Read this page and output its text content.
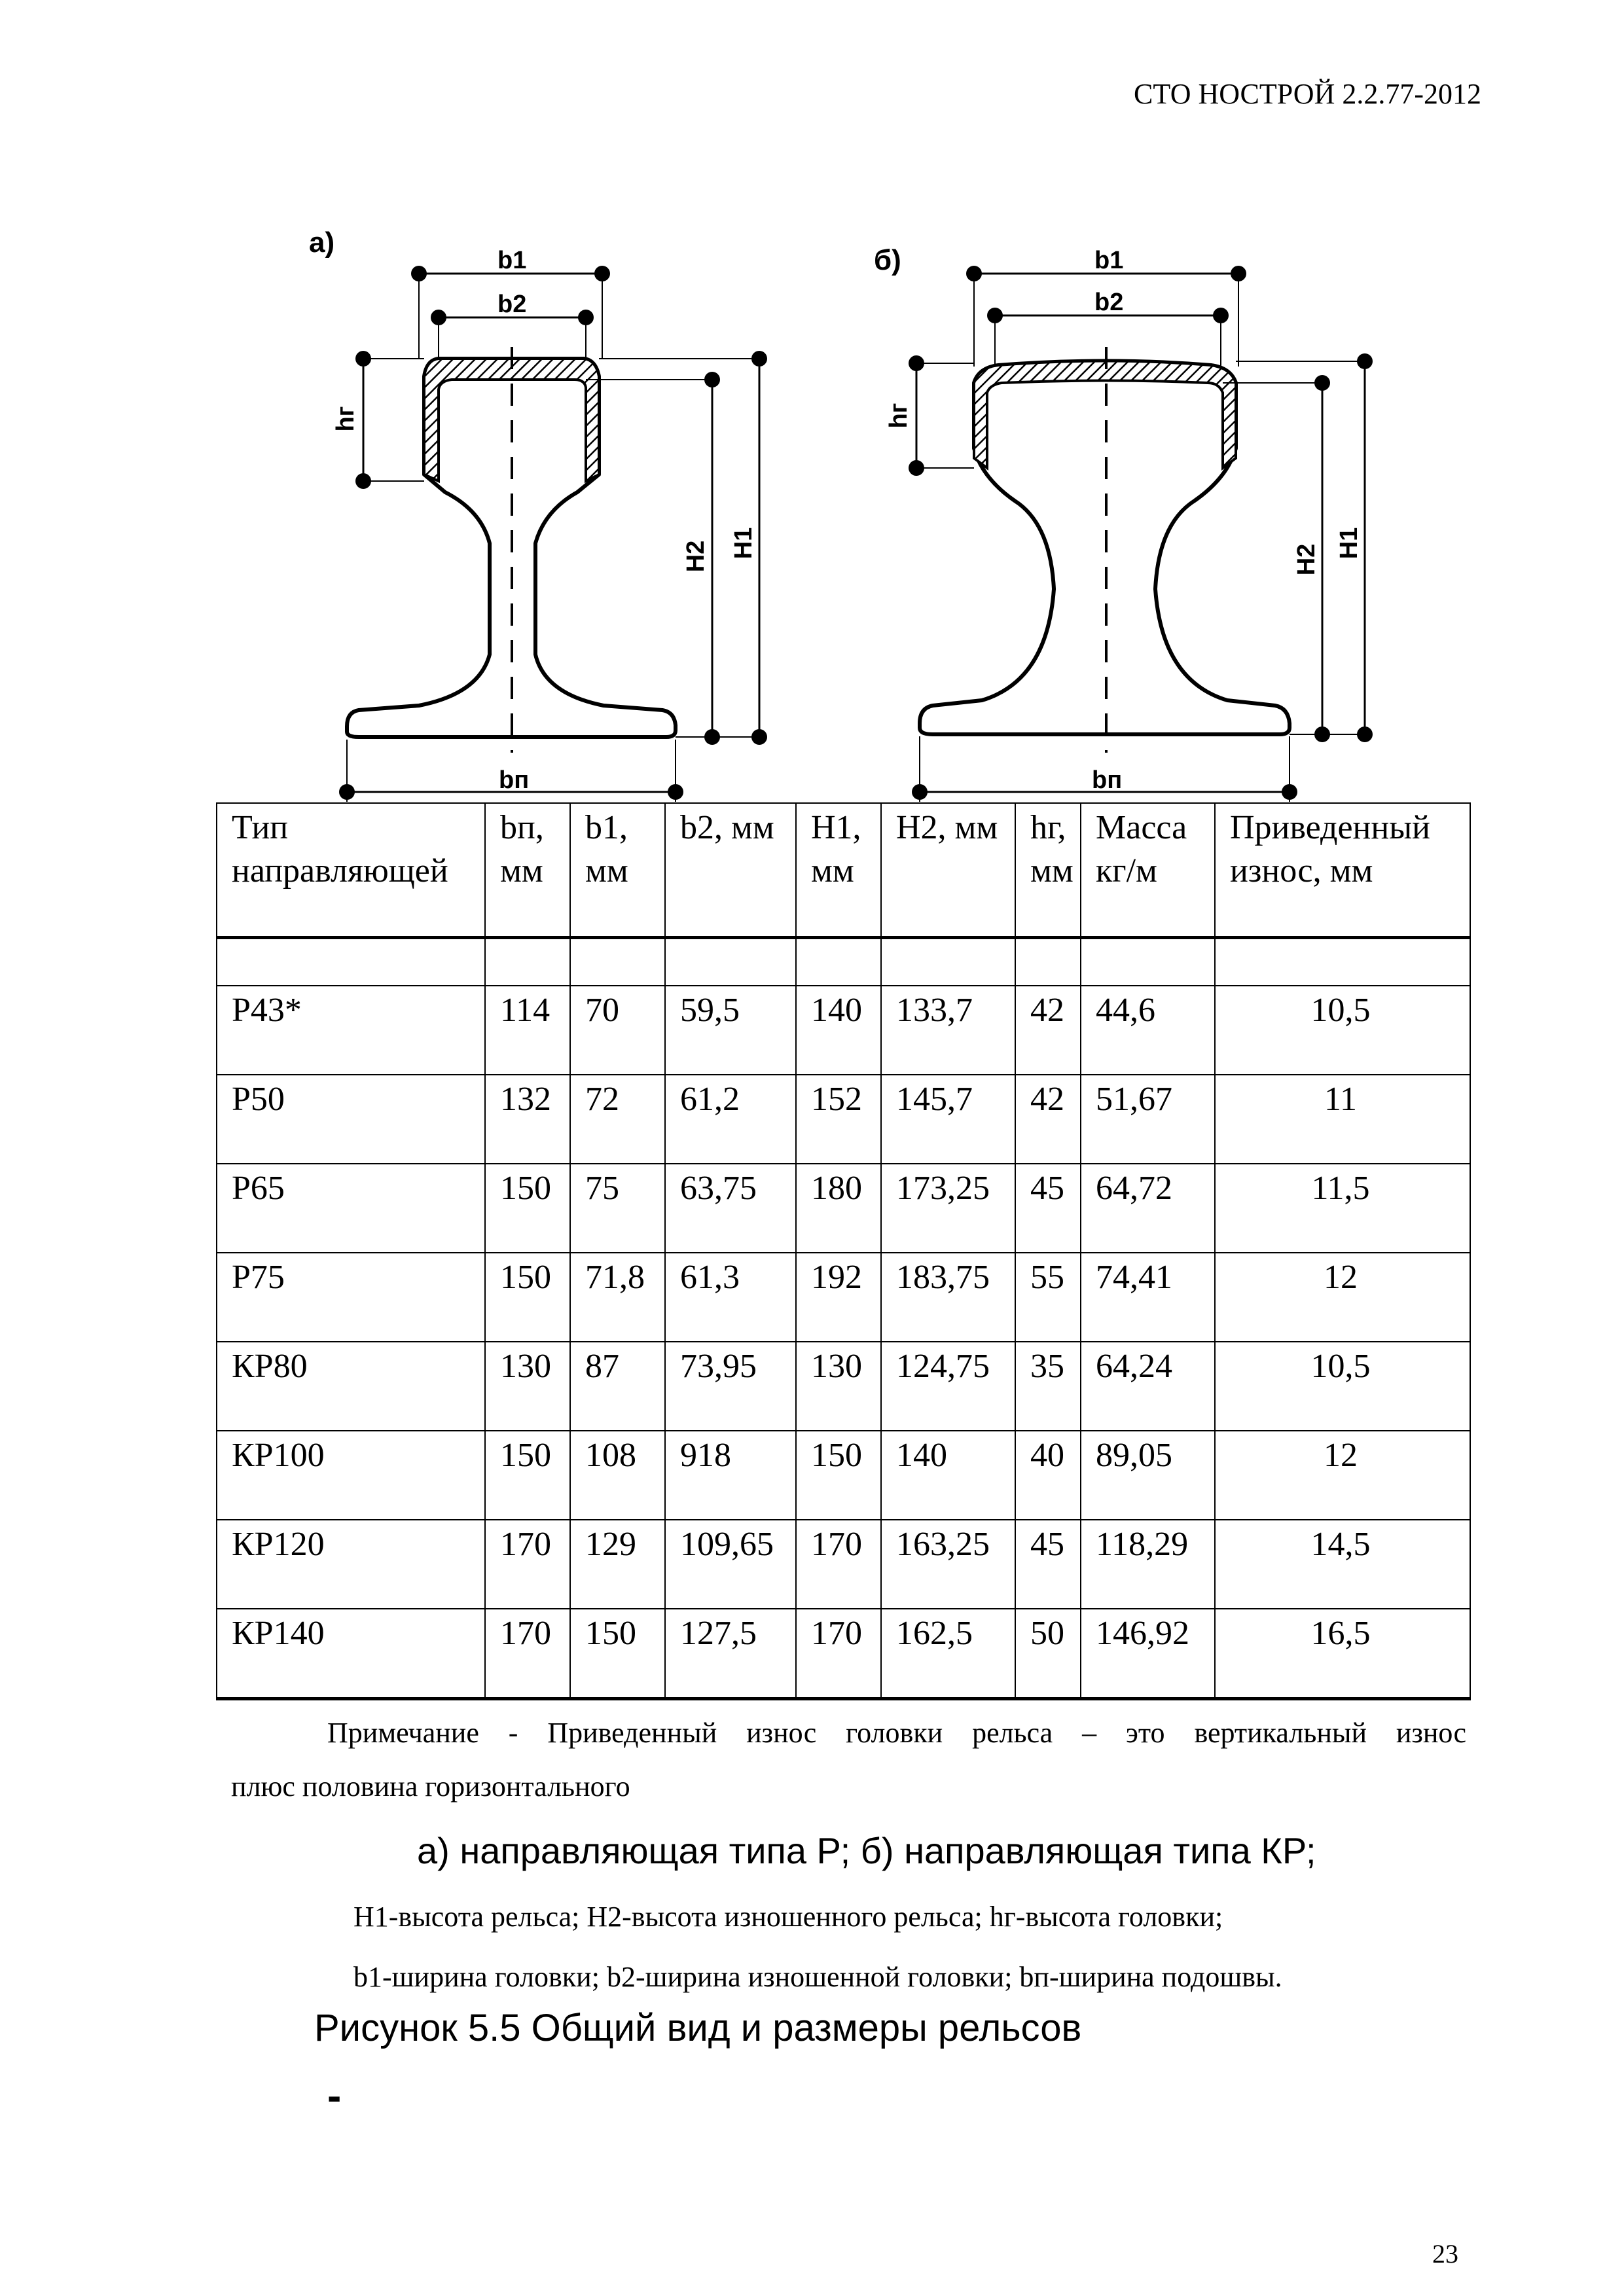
СТО НОСТРОЙ 2.2.77-2012
а)
b1
b2
hг
H2 H1
bп
б)	b1
b2
hг
H2
H1
bп
Тип направляющей	bп, мм	b1, мм	b2, мм	H1, мм	H2, мм	hг, мм	Масса кг/м	Приведенный износ, мм

Р43*	114	70	59,5	140	133,7	42	44,6	10,5
Р50	132	72	61,2	152	145,7	42	51,67	11
Р65	150	75	63,75	180	173,25	45	64,72	11,5
Р75	150	71,8	61,3	192	183,75	55	74,41	12
КР80	130	87	73,95	130	124,75	35	64,24	10,5
КР100	150	108	918	150	140	40	89,05	12
КР120	170	129	109,65	170	163,25	45	118,29	14,5
КР140	170	150	127,5	170	162,5	50	146,92	16,5
Примечание - Приведенный износ головки рельса – это вертикальный износ
плюс половина горизонтального
а) направляющая типа Р; б) направляющая типа КР;
H1-высота рельса; H2-высота изношенного рельса; hг-высота головки;
b1-ширина головки; b2-ширина изношенной головки; bп-ширина подошвы.
Рисунок 5.5 Общий вид и размеры рельсов
-
23
